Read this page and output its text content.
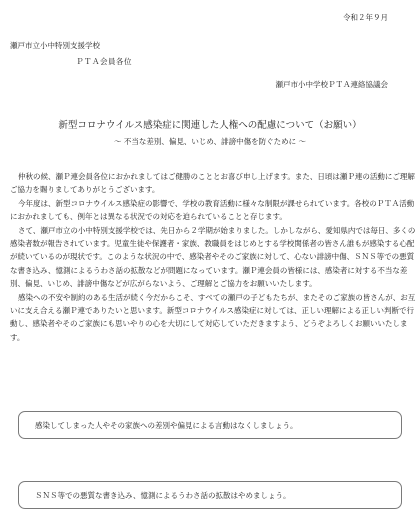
令和２年９月
瀬戸市立小中特別支援学校
ＰＴＡ会員各位
瀬戸市小中学校ＰＴＡ連絡協議会
新型コロナウイルス感染症に関連した人権への配慮について（お願い）
～ 不当な差別、偏見、いじめ、誹謗中傷を防ぐために ～

仲秋の候、瀬Ｐ連会員各位におかれましてはご健勝のこととお喜び申し上げます。また、日頃は瀬Ｐ連の活動にご理解ご協力を賜りましてありがとうございます。

今年度は、新型コロナウイルス感染症の影響で、学校の教育活動に様々な制限が課せられています。各校のＰＴＡ活動におかれましても、例年とは異なる状況での対応を迫られていることと存じます。

さて、瀬戸市立の小中特別支援学校では、先日から２学期が始まりました。しかしながら、愛知県内では毎日、多くの感染者数が報告されています。児童生徒や保護者・家族、教職員をはじめとする学校関係者の皆さん誰もが感染する心配が続いているのが現状です。このような状況の中で、感染者やそのご家族に対して、心ない誹謗中傷、ＳＮＳ等での悪質な書き込み、憶測によるうわさ話の拡散などが問題になっています。瀬Ｐ連会員の皆様には、感染者に対する不当な差別、偏見、いじめ、誹謗中傷などが広がらないよう、ご理解とご協力をお願いいたします。

感染への不安や制約のある生活が続く今だからこそ、すべての瀬戸の子どもたちが、またそのご家族の皆さんが、お互いに支え合える瀬Ｐ連でありたいと思います。新型コロナウイルス感染症に対しては、正しい理解による正しい判断で行動し、感染者やそのご家族にも思いやりの心を大切にして対応していただきますよう、どうぞよろしくお願いいたします。

感染してしまった人やその家族への差別や偏見による言動はなくしましょう。
ＳＮＳ等での悪質な書き込み、憶測によるうわさ話の拡散はやめましょう。
